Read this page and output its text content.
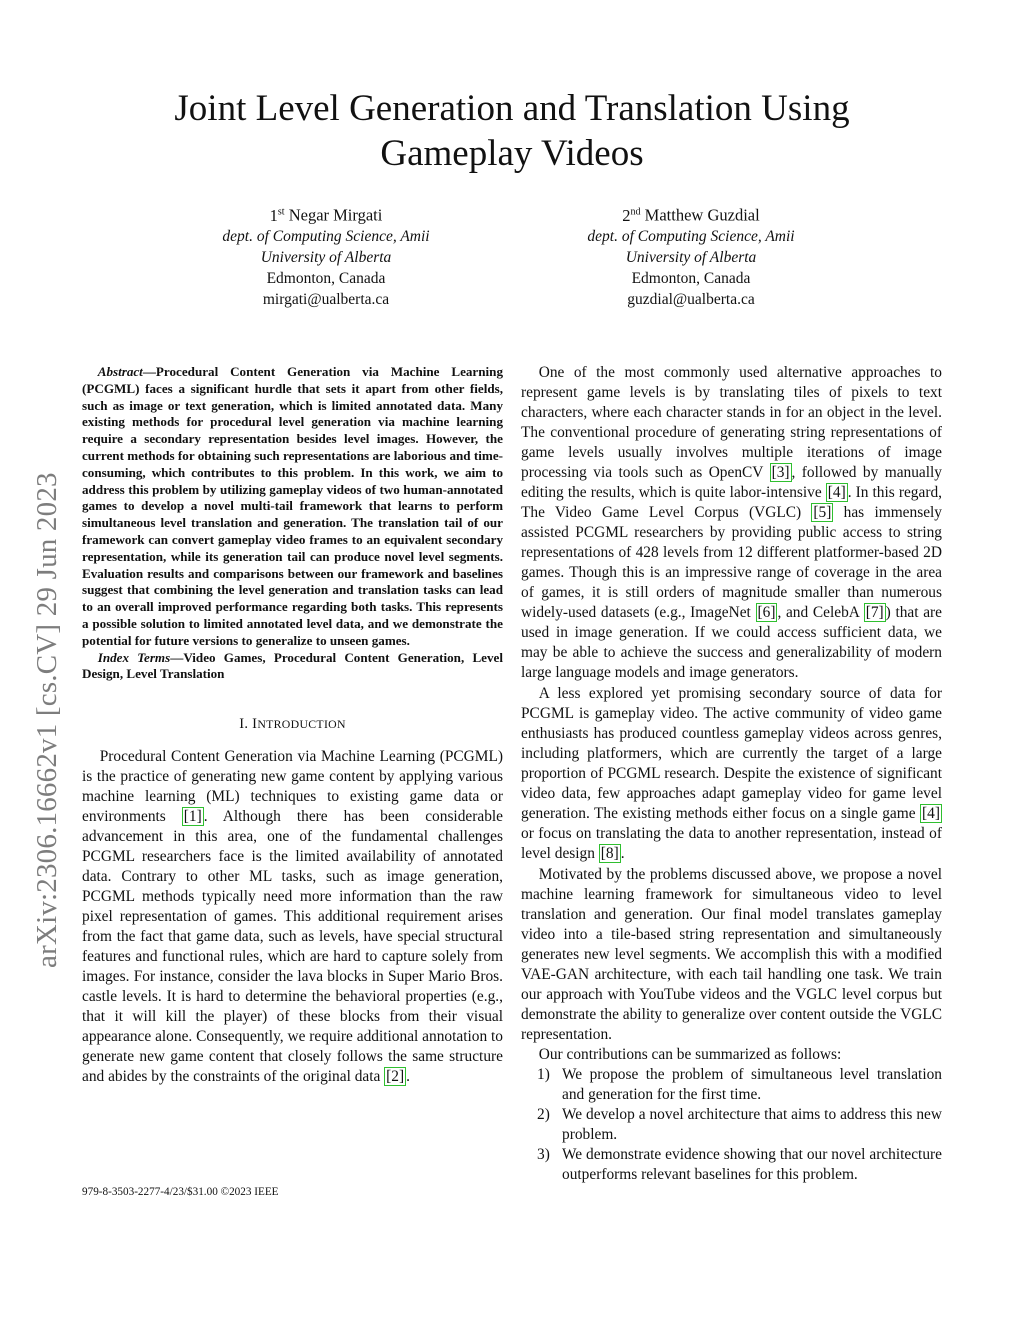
Joint Level Generation and Translation Using Gameplay Videos
1st Negar Mirgati
dept. of Computing Science, Amii
University of Alberta
Edmonton, Canada
mirgati@ualberta.ca
2nd Matthew Guzdial
dept. of Computing Science, Amii
University of Alberta
Edmonton, Canada
guzdial@ualberta.ca
arXiv:2306.16662v1 [cs.CV] 29 Jun 2023

Abstract—Procedural Content Generation via Machine Learning (PCGML) faces a significant hurdle that sets it apart from other fields, such as image or text generation, which is limited annotated data. Many existing methods for procedural level generation via machine learning require a secondary representation besides level images. However, the current methods for obtaining such representations are laborious and time-consuming, which contributes to this problem. In this work, we aim to address this problem by utilizing gameplay videos of two human-annotated games to develop a novel multi-tail framework that learns to perform simultaneous level translation and generation. The translation tail of our framework can convert gameplay video frames to an equivalent secondary representation, while its generation tail can produce novel level segments. Evaluation results and comparisons between our framework and baselines suggest that combining the level generation and translation tasks can lead to an overall improved performance regarding both tasks. This represents a possible solution to limited annotated level data, and we demonstrate the potential for future versions to generalize to unseen games.

Index Terms—Video Games, Procedural Content Generation, Level Design, Level Translation

I. INTRODUCTION

Procedural Content Generation via Machine Learning (PCGML) is the practice of generating new game content by applying various machine learning (ML) techniques to existing game data or environments [1] . Although there has been considerable advancement in this area, one of the fundamental challenges PCGML researchers face is the limited availability of annotated data. Contrary to other ML tasks, such as image generation, PCGML methods typically need more information than the raw pixel representation of games. This additional requirement arises from the fact that game data, such as levels, have special structural features and functional rules, which are hard to capture solely from images. For instance, consider the lava blocks in Super Mario Bros. castle levels. It is hard to determine the behavioral properties (e.g., that it will kill the player) of these blocks from their visual appearance alone. Consequently, we require additional annotation to generate new game content that closely follows the same structure and abides by the constraints of the original data [2] .

One of the most commonly used alternative approaches to represent game levels is by translating tiles of pixels to text characters, where each character stands in for an object in the level. The conventional procedure of generating string representations of game levels usually involves multiple iterations of image processing via tools such as OpenCV [3] , followed by manually editing the results, which is quite labor-intensive [4] . In this regard, The Video Game Level Corpus (VGLC) [5] has immensely assisted PCGML researchers by providing public access to string representations of 428 levels from 12 different platformer-based 2D games. Though this is an impressive range of coverage in the area of games, it is still orders of magnitude smaller than numerous widely-used datasets (e.g., ImageNet [6] , and CelebA [7] ) that are used in image generation. If we could access sufficient data, we may be able to achieve the success and generalizability of modern large language models and image generators.

A less explored yet promising secondary source of data for PCGML is gameplay video. The active community of video game enthusiasts has produced countless gameplay videos across genres, including platformers, which are currently the target of a large proportion of PCGML research. Despite the existence of significant video data, few approaches adapt gameplay video for game level generation. The existing methods either focus on a single game [4] or focus on translating the data to another representation, instead of level design [8] .

Motivated by the problems discussed above, we propose a novel machine learning framework for simultaneous video to level translation and generation. Our final model translates gameplay video into a tile-based string representation and simultaneously generates new level segments. We accomplish this with a modified VAE-GAN architecture, with each tail handling one task. We train our approach with YouTube videos and the VGLC level corpus but demonstrate the ability to generalize over content outside the VGLC representation.

Our contributions can be summarized as follows:

1) We propose the problem of simultaneous level translation and generation for the first time.
2) We develop a novel architecture that aims to address this new problem.
3) We demonstrate evidence showing that our novel architecture outperforms relevant baselines for this problem.
979-8-3503-2277-4/23/$31.00 ©2023 IEEE
